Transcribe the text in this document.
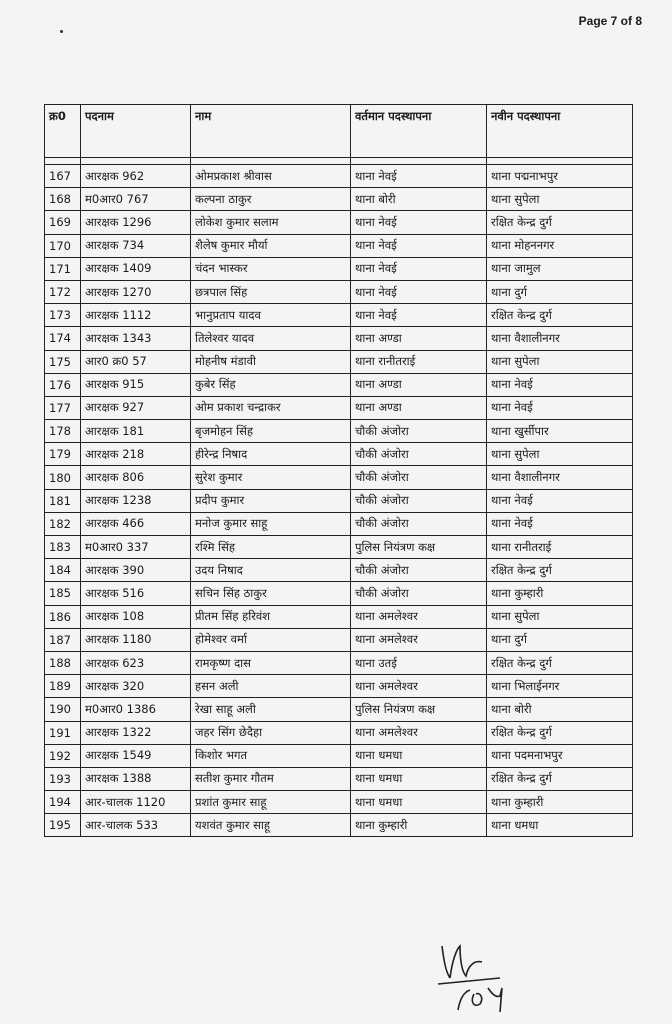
Page 7 of 8
क्र0	पदनाम	नाम	वर्तमान पदस्थापना	नवीन पदस्थापना

167	आरक्षक 962	ओमप्रकाश श्रीवास	थाना नेवई	थाना पद्मनाभपुर
168	म0आर0 767	कल्पना ठाकुर	थाना बोरी	थाना सुपेला
169	आरक्षक 1296	लोकेश कुमार सलाम	थाना नेवई	रक्षित केन्द्र दुर्ग
170	आरक्षक 734	शैलेष कुमार मौर्या	थाना नेवई	थाना मोहननगर
171	आरक्षक 1409	चंदन भास्कर	थाना नेवई	थाना जामुल
172	आरक्षक 1270	छत्रपाल सिंह	थाना नेवई	थाना दुर्ग
173	आरक्षक 1112	भानुप्रताप यादव	थाना नेवई	रक्षित केन्द्र दुर्ग
174	आरक्षक 1343	तिलेश्वर यादव	थाना अण्डा	थाना वैशालीनगर
175	आर0 क्र0 57	मोहनीष मंडावी	थाना रानीतराई	थाना सुपेला
176	आरक्षक 915	कुबेर सिंह	थाना अण्डा	थाना नेवई
177	आरक्षक 927	ओम प्रकाश चन्द्राकर	थाना अण्डा	थाना नेवई
178	आरक्षक 181	बृजमोहन सिंह	चौकी अंजोरा	थाना खुर्सीपार
179	आरक्षक 218	हीरेन्द्र निषाद	चौकी अंजोरा	थाना सुपेला
180	आरक्षक 806	सुरेश कुमार	चौकी अंजोरा	थाना वैशालीनगर
181	आरक्षक 1238	प्रदीप कुमार	चौकी अंजोरा	थाना नेवई
182	आरक्षक 466	मनोज कुमार साहू	चौकी अंजोरा	थाना नेवई
183	म0आर0 337	रश्मि सिंह	पुलिस नियंत्रण कक्ष	थाना रानीतराई
184	आरक्षक 390	उदय निषाद	चौकी अंजोरा	रक्षित केन्द्र दुर्ग
185	आरक्षक 516	सचिन सिंह ठाकुर	चौकी अंजोरा	थाना कुम्हारी
186	आरक्षक 108	प्रीतम सिंह हरिवंश	थाना अमलेश्वर	थाना सुपेला
187	आरक्षक 1180	होमेश्वर वर्मा	थाना अमलेश्वर	थाना दुर्ग
188	आरक्षक 623	रामकृष्ण दास	थाना उतई	रक्षित केन्द्र दुर्ग
189	आरक्षक 320	हसन अली	थाना अमलेश्वर	थाना भिलाईनगर
190	म0आर0 1386	रेखा साहू अली	पुलिस नियंत्रण कक्ष	थाना बोरी
191	आरक्षक 1322	जहर सिंग छेदैहा	थाना अमलेश्वर	रक्षित केन्द्र दुर्ग
192	आरक्षक 1549	किशोर भगत	थाना धमधा	थाना पदमनाभपुर
193	आरक्षक 1388	सतीश कुमार गौतम	थाना धमधा	रक्षित केन्द्र दुर्ग
194	आर-चालक 1120	प्रशांत कुमार साहू	थाना धमधा	थाना कुम्हारी
195	आर-चालक 533	यशवंत कुमार साहू	थाना कुम्हारी	थाना धमधा
